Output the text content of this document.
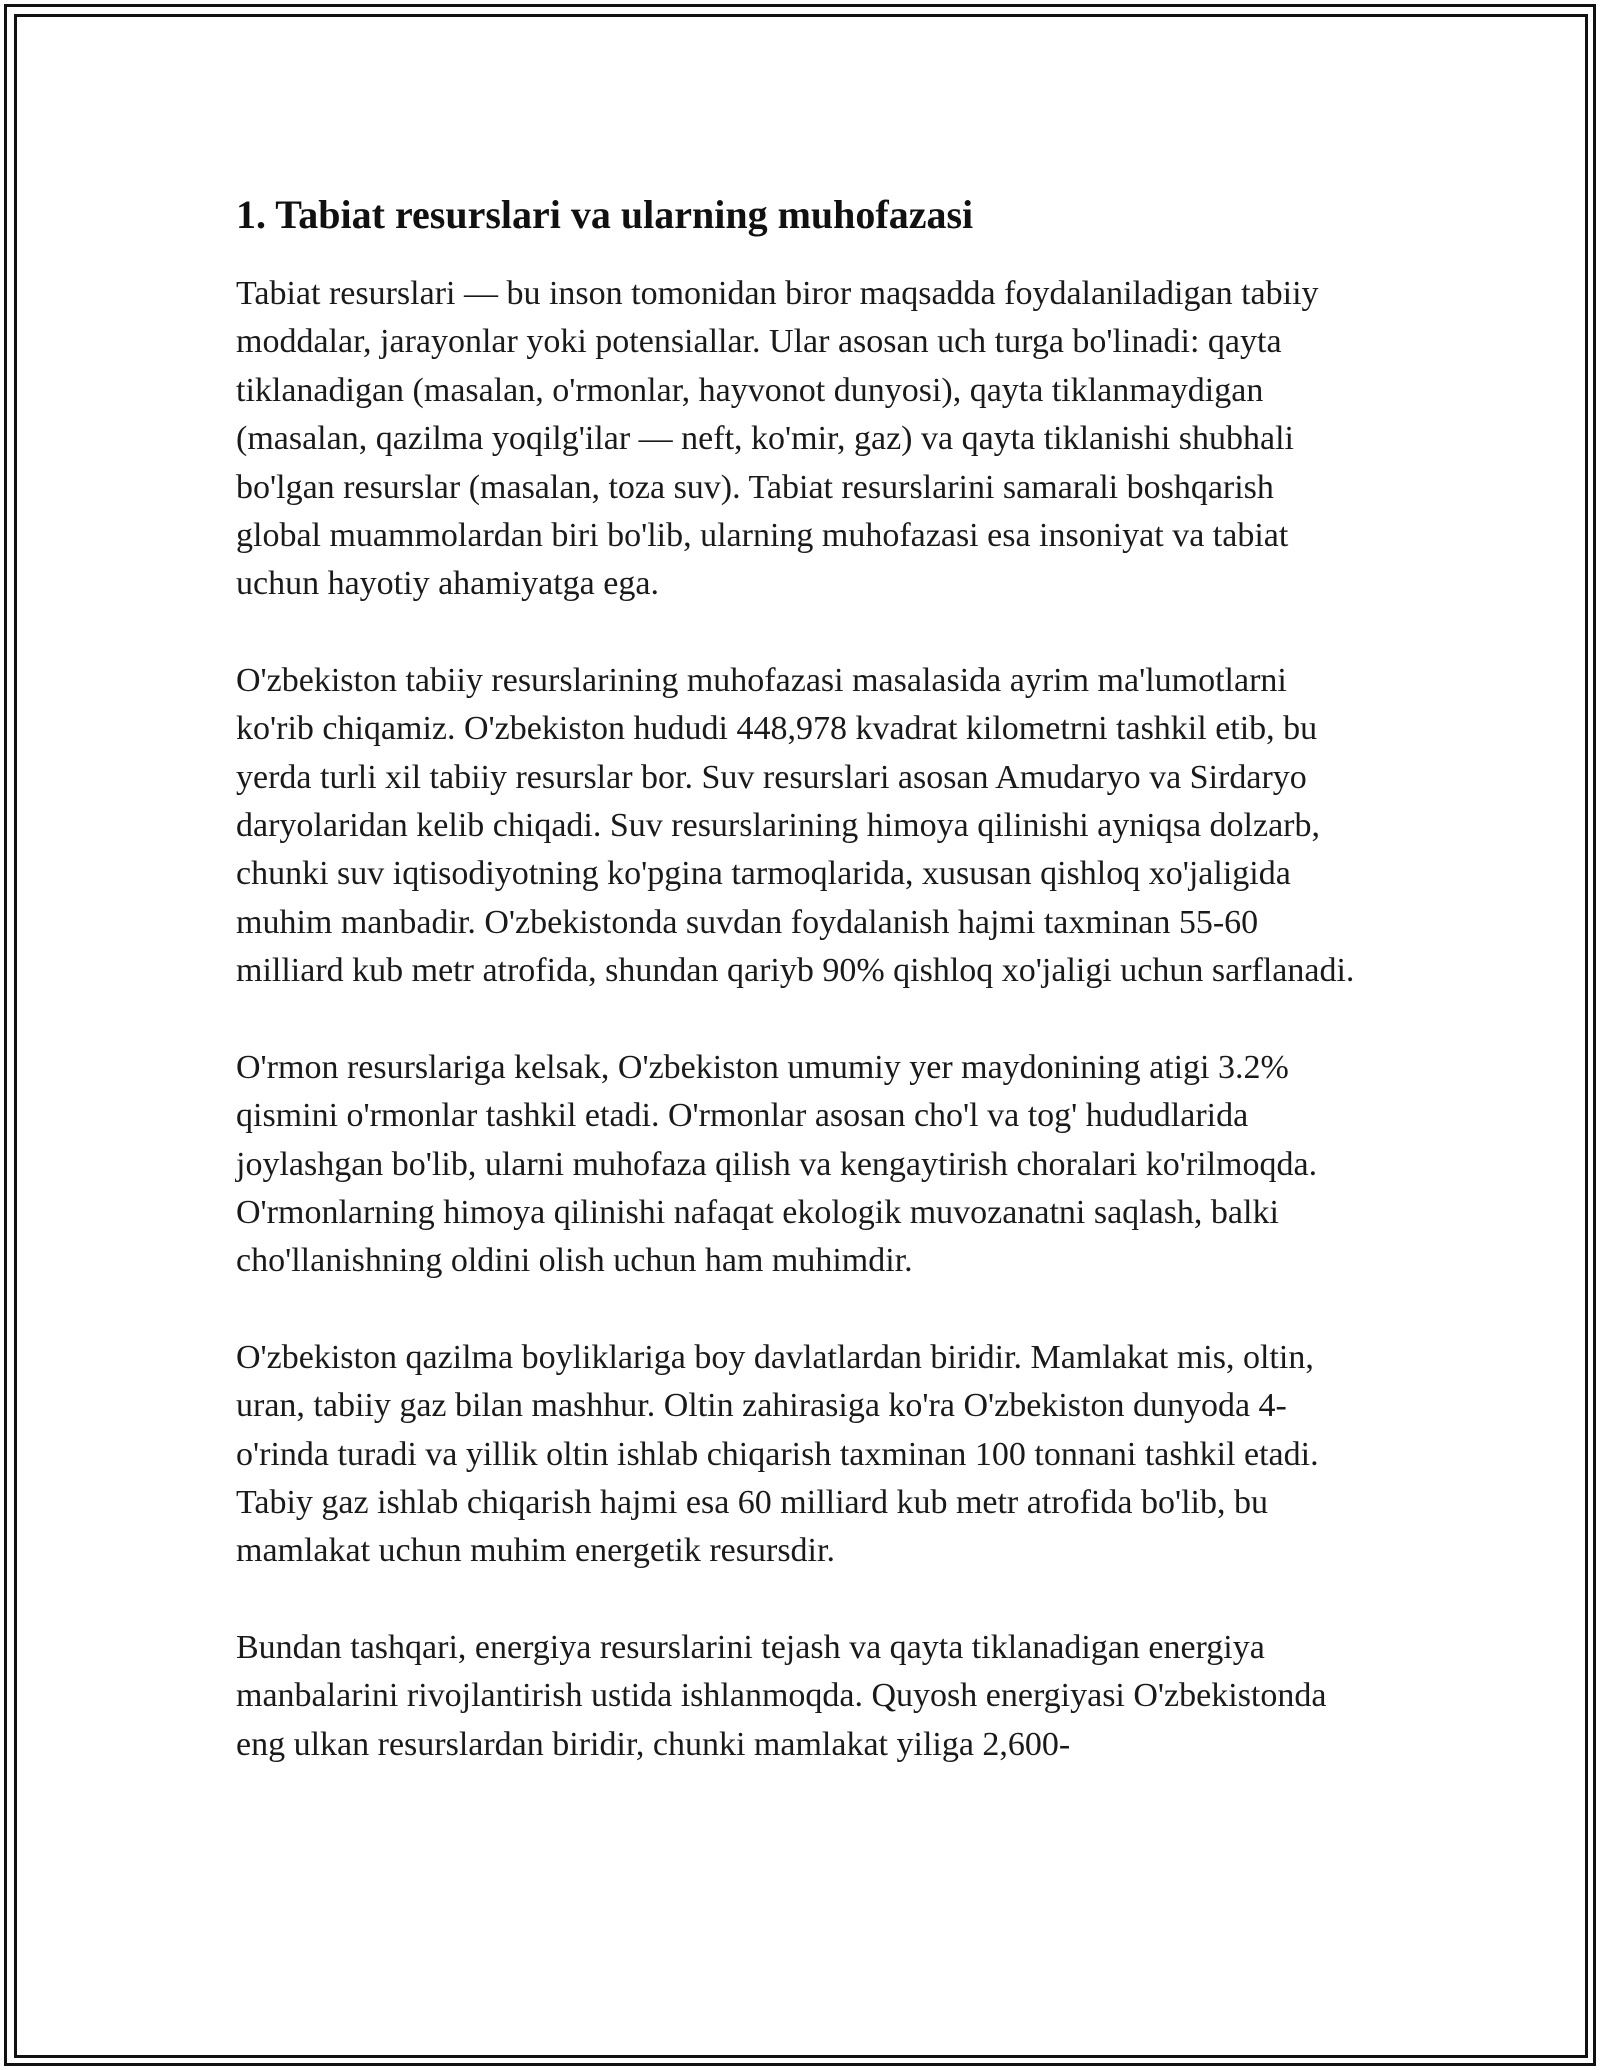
1. Tabiat resurslari va ularning muhofazasi

Tabiat resurslari — bu inson tomonidan biror maqsadda foydalaniladigan tabiiy moddalar, jarayonlar yoki potensiallar. Ular asosan uch turga bo'linadi: qayta tiklanadigan (masalan, o'rmonlar, hayvonot dunyosi), qayta tiklanmaydigan (masalan, qazilma yoqilg'ilar — neft, ko'mir, gaz) va qayta tiklanishi shubhali bo'lgan resurslar (masalan, toza suv). Tabiat resurslarini samarali boshqarish global muammolardan biri bo'lib, ularning muhofazasi esa insoniyat va tabiat uchun hayotiy ahamiyatga ega.

O'zbekiston tabiiy resurslarining muhofazasi masalasida ayrim ma'lumotlarni ko'rib chiqamiz. O'zbekiston hududi 448,978 kvadrat kilometrni tashkil etib, bu yerda turli xil tabiiy resurslar bor. Suv resurslari asosan Amudaryo va Sirdaryo daryolaridan kelib chiqadi. Suv resurslarining himoya qilinishi ayniqsa dolzarb, chunki suv iqtisodiyotning ko'pgina tarmoqlarida, xususan qishloq xo'jaligida muhim manbadir. O'zbekistonda suvdan foydalanish hajmi taxminan 55-60 milliard kub metr atrofida, shundan qariyb 90% qishloq xo'jaligi uchun sarflanadi.

O'rmon resurslariga kelsak, O'zbekiston umumiy yer maydonining atigi 3.2% qismini o'rmonlar tashkil etadi. O'rmonlar asosan cho'l va tog' hududlarida joylashgan bo'lib, ularni muhofaza qilish va kengaytirish choralari ko'rilmoqda. O'rmonlarning himoya qilinishi nafaqat ekologik muvozanatni saqlash, balki cho'llanishning oldini olish uchun ham muhimdir.

O'zbekiston qazilma boyliklariga boy davlatlardan biridir. Mamlakat mis, oltin, uran, tabiiy gaz bilan mashhur. Oltin zahirasiga ko'ra O'zbekiston dunyoda 4-o'rinda turadi va yillik oltin ishlab chiqarish taxminan 100 tonnani tashkil etadi. Tabiy gaz ishlab chiqarish hajmi esa 60 milliard kub metr atrofida bo'lib, bu mamlakat uchun muhim energetik resursdir.

Bundan tashqari, energiya resurslarini tejash va qayta tiklanadigan energiya manbalarini rivojlantirish ustida ishlanmoqda. Quyosh energiyasi O'zbekistonda eng ulkan resurslardan biridir, chunki mamlakat yiliga 2,600-
